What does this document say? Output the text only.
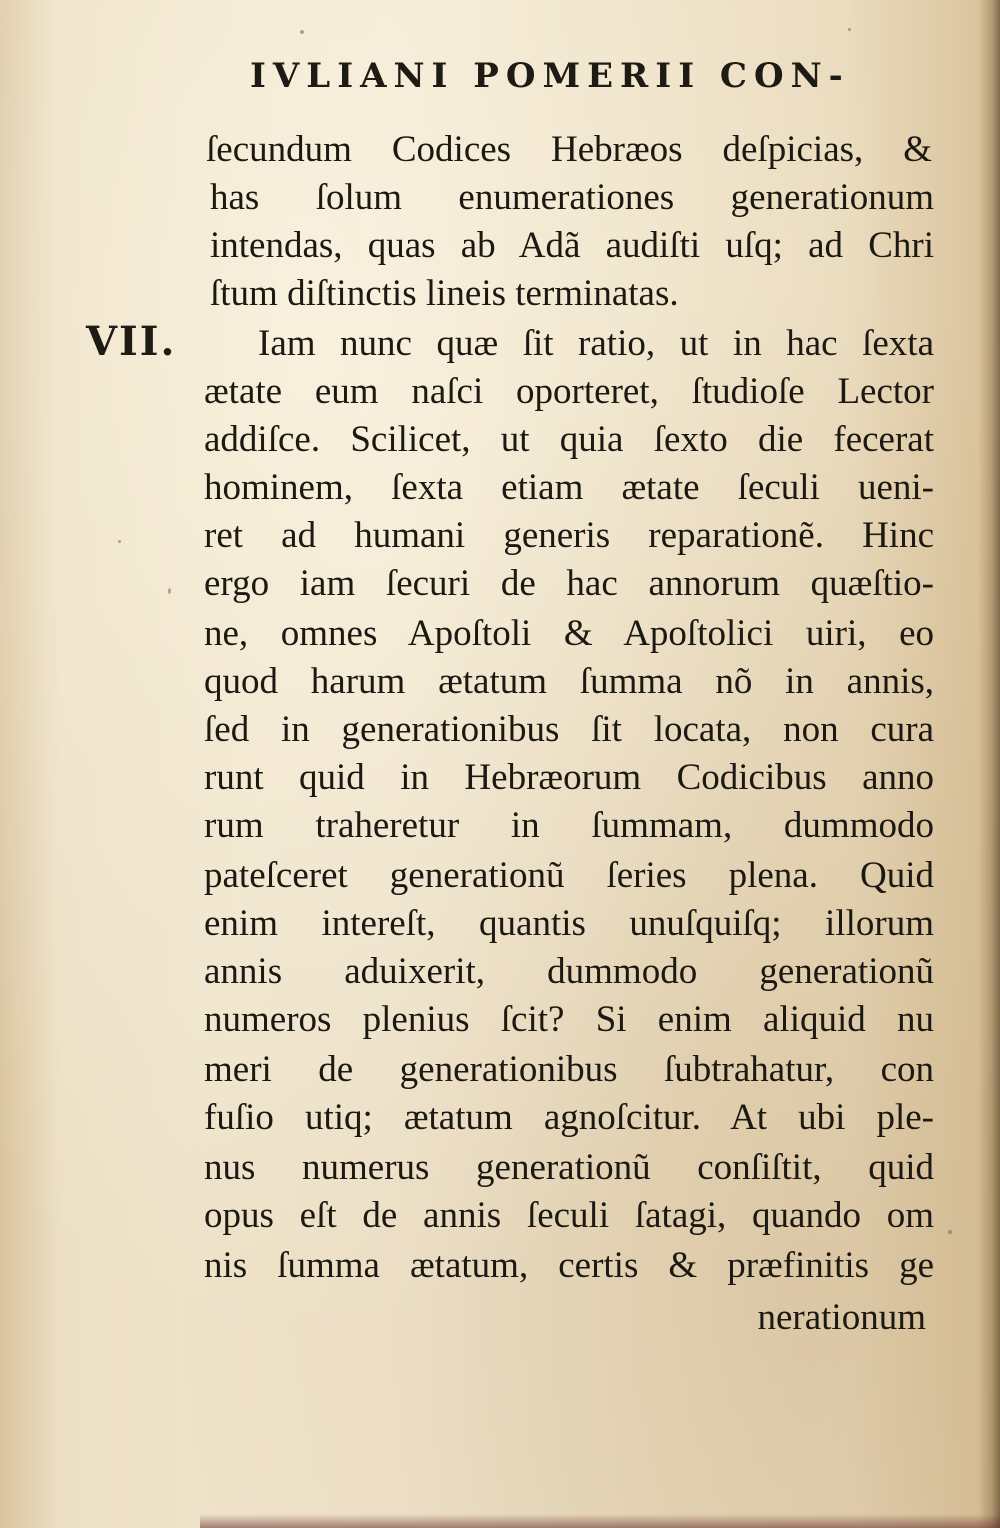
IVLIANI POMERII CON-
VII.
ſecundum Codices Hebræos deſpicias, &
has ſolum enumerationes generationum
intendas, quas ab Adã audiſti uſq; ad Chri
ſtum diſtinctis lineis terminatas.
Iam nunc quæ ſit ratio, ut in hac ſexta
ætate eum naſci oporteret, ſtudioſe Lector
addiſce. Scilicet, ut quia ſexto die fecerat
hominem, ſexta etiam ætate ſeculi ueni-
ret ad humani generis reparationẽ. Hinc
ergo iam ſecuri de hac annorum quæſtio-
ne, omnes Apoſtoli & Apoſtolici uiri, eo
quod harum ætatum ſumma nõ in annis,
ſed in generationibus ſit locata, non cura
runt quid in Hebræorum Codicibus anno
rum traheretur in ſummam, dummodo
pateſceret generationũ ſeries plena. Quid
enim intereſt, quantis unuſquiſq; illorum
annis aduixerit, dummodo generationũ
numeros plenius ſcit? Si enim aliquid nu
meri de generationibus ſubtrahatur, con
fuſio utiq; ætatum agnoſcitur. At ubi ple-
nus numerus generationũ conſiſtit, quid
opus eſt de annis ſeculi ſatagi, quando om
nis ſumma ætatum, certis & præfinitis ge
nerationum
